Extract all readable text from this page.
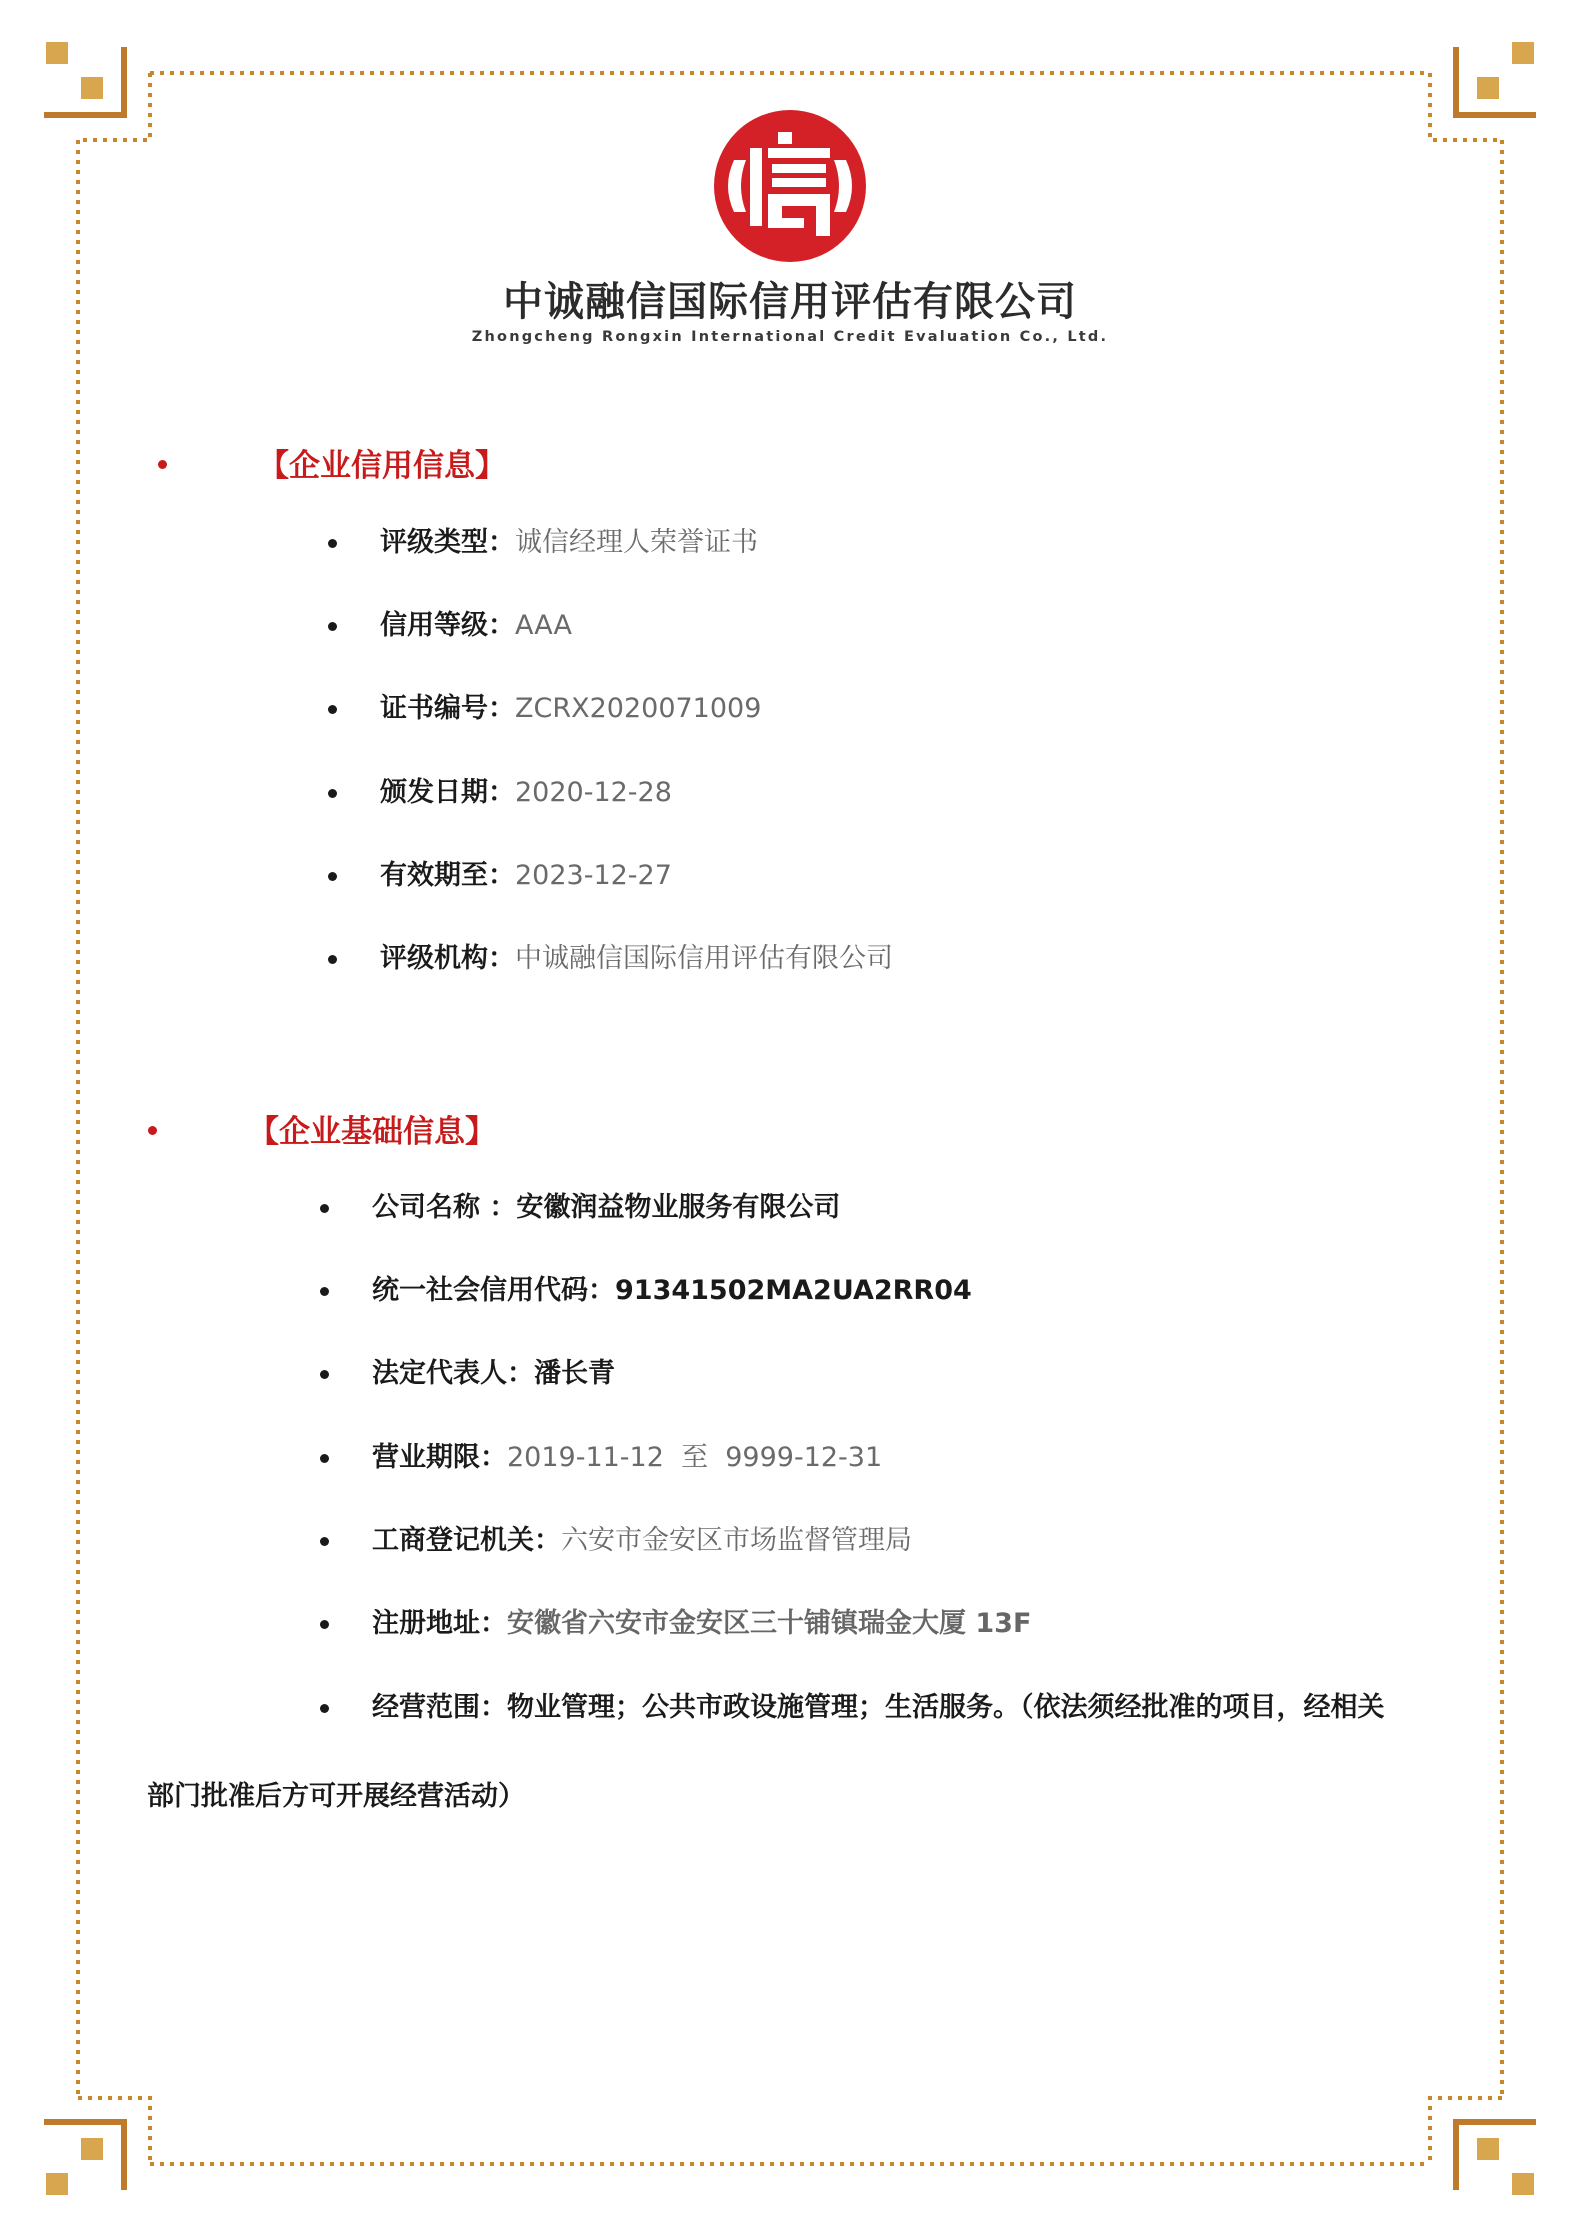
中诚融信国际信用评估有限公司
Zhongcheng Rongxin International Credit Evaluation Co., Ltd.
【企业信用信息】
评级类型：诚信经理人荣誉证书
信用等级：AAA
证书编号：ZCRX2020071009
颁发日期：2020-12-28
有效期至：2023-12-27
评级机构：中诚融信国际信用评估有限公司
【企业基础信息】
公司名称 ：安徽润益物业服务有限公司
统一社会信用代码：91341502MA2UA2RR04
法定代表人：潘长青
营业期限：2019-11-12  至  9999-12-31
工商登记机关：六安市金安区市场监督管理局
注册地址：安徽省六安市金安区三十铺镇瑞金大厦 13F
经营范围：物业管理；公共市政设施管理；生活服务。（依法须经批准的项目，经相关
部门批准后方可开展经营活动）
